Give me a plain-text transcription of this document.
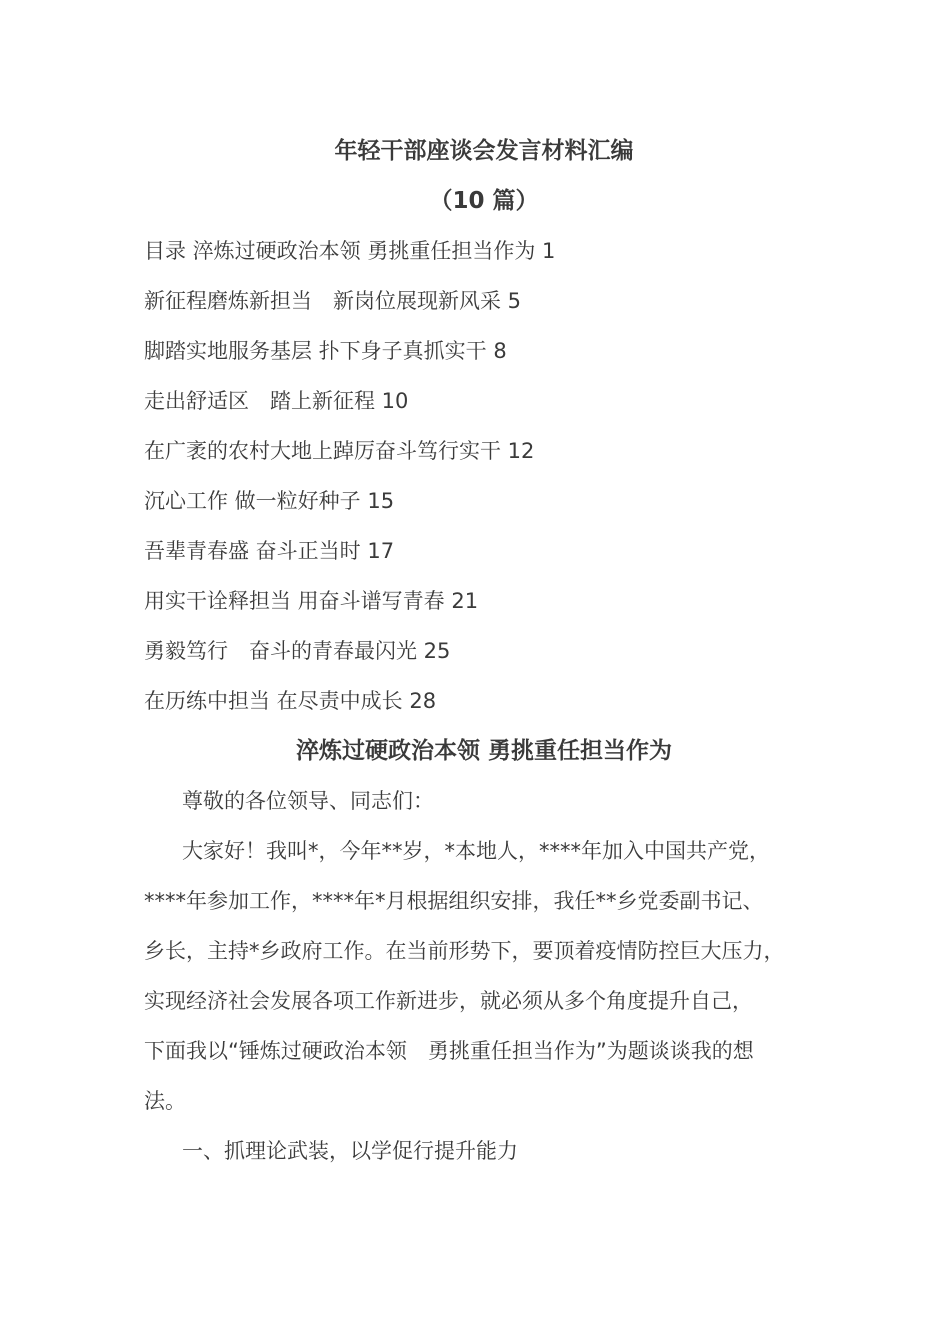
年轻干部座谈会发言材料汇编
（10 篇）
目录 淬炼过硬政治本领 勇挑重任担当作为 1
新征程磨炼新担当　新岗位展现新风采 5
脚踏实地服务基层 扑下身子真抓实干 8
走出舒适区　踏上新征程 10
在广袤的农村大地上踔厉奋斗笃行实干 12
沉心工作 做一粒好种子 15
吾辈青春盛 奋斗正当时 17
用实干诠释担当 用奋斗谱写青春 21
勇毅笃行　奋斗的青春最闪光 25
在历练中担当 在尽责中成长 28
淬炼过硬政治本领 勇挑重任担当作为

尊敬的各位领导、同志们：

大家好！我叫*，今年**岁，*本地人，****年加入中国共产党，

****年参加工作，****年*月根据组织安排，我任**乡党委副书记、

乡长，主持*乡政府工作。在当前形势下，要顶着疫情防控巨大压力，

实现经济社会发展各项工作新进步，就必须从多个角度提升自己，

下面我以“锤炼过硬政治本领　勇挑重任担当作为”为题谈谈我的想

法。

一、抓理论武装，以学促行提升能力
